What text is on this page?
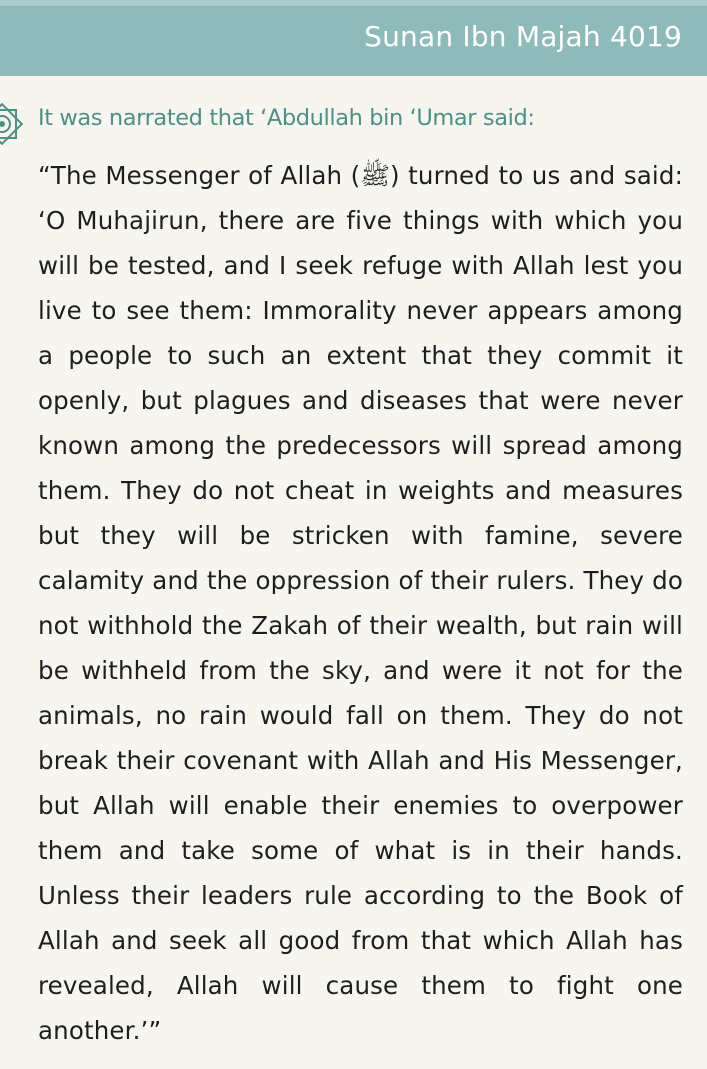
Sunan Ibn Majah 4019
It was narrated that ‘Abdullah bin ‘Umar said:

“The Messenger of Allah (ﷺ) turned to us and said: ‘O Muhajirun, there are five things with which you will be tested, and I seek refuge with Allah lest you live to see them: Immorality never appears among a people to such an extent that they commit it openly, but plagues and diseases that were never known among the predecessors will spread among them. They do not cheat in weights and measures but they will be stricken with famine, severe calamity and the oppression of their rulers. They do not withhold the Zakah of their wealth, but rain will be withheld from the sky, and were it not for the animals, no rain would fall on them. They do not break their covenant with Allah and His Messenger, but Allah will enable their enemies to overpower them and take some of what is in their hands. Unless their leaders rule according to the Book of Allah and seek all good from that which Allah has revealed, Allah will cause them to fight one another.’”
